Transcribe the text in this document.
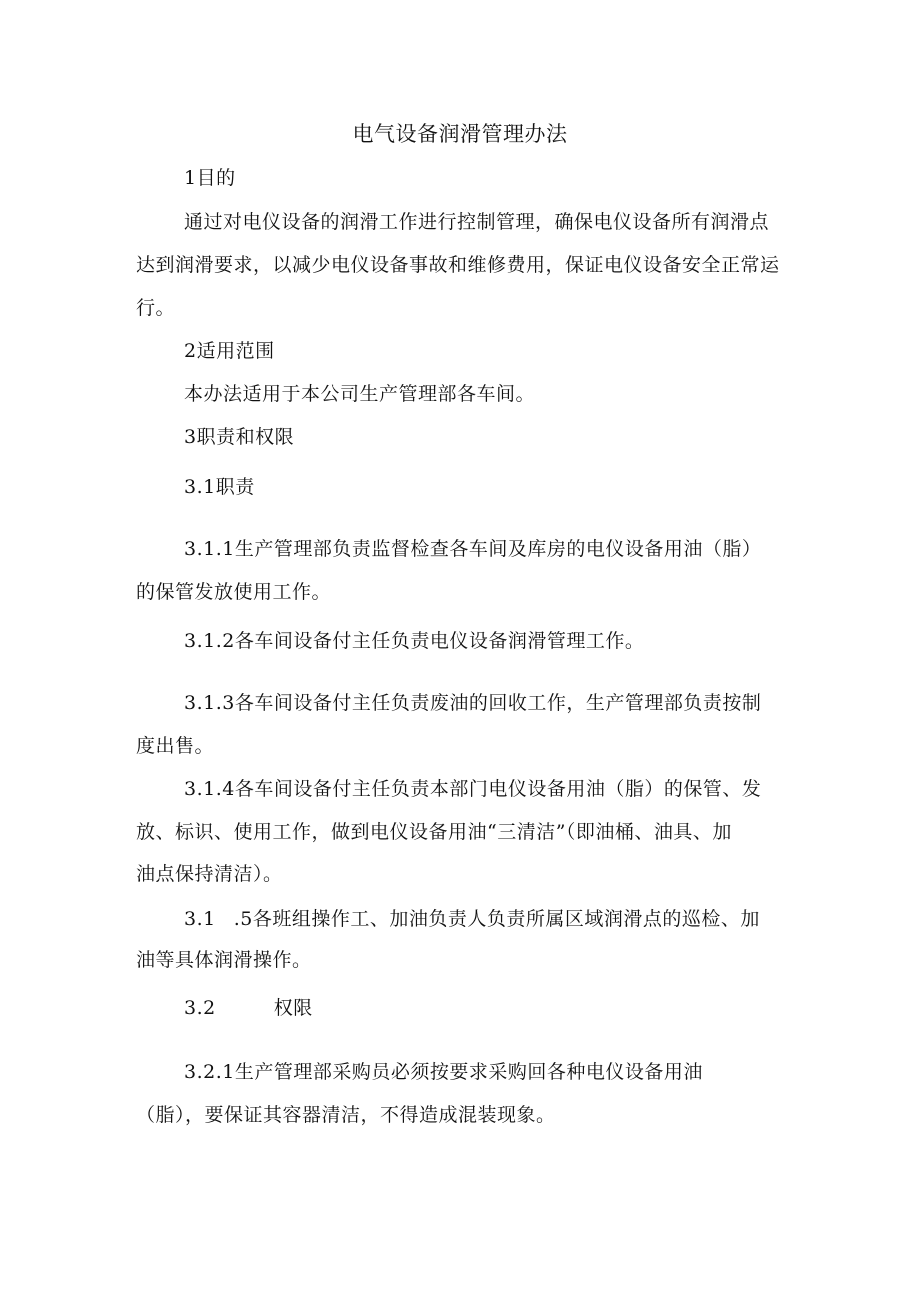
电气设备润滑管理办法
1目的
通过对电仪设备的润滑工作进行控制管理，确保电仪设备所有润滑点
达到润滑要求，以减少电仪设备事故和维修费用，保证电仪设备安全正常运
行。
2适用范围
本办法适用于本公司生产管理部各车间。
3职责和权限
3.1职责
3.1.1生产管理部负责监督检查各车间及库房的电仪设备用油（脂）
的保管发放使用工作。
3.1.2各车间设备付主任负责电仪设备润滑管理工作。
3.1.3各车间设备付主任负责废油的回收工作，生产管理部负责按制
度出售。
3.1.4各车间设备付主任负责本部门电仪设备用油（脂）的保管、发
放、标识、使用工作，做到电仪设备用油“三清洁”（即油桶、油具、加
油点保持清洁）。
3.1 .5各班组操作工、加油负责人负责所属区域润滑点的巡检、加
油等具体润滑操作。
3.2	权限
3.2.1生产管理部采购员必须按要求采购回各种电仪设备用油
（脂），要保证其容器清洁，不得造成混装现象。
